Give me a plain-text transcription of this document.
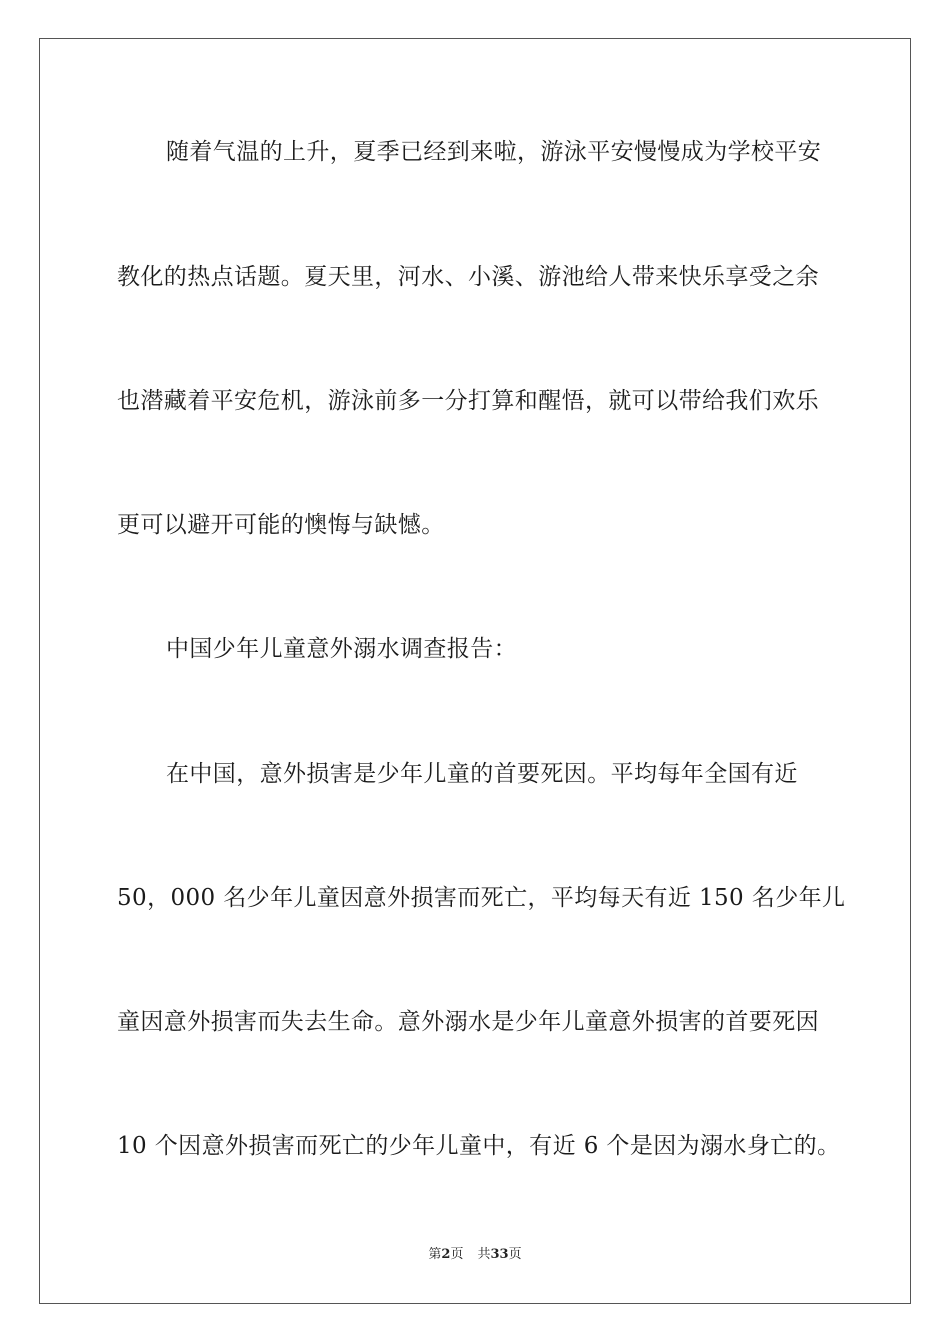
随着气温的上升，夏季已经到来啦，游泳平安慢慢成为学校平安
教化的热点话题。夏天里，河水、小溪、游池给人带来快乐享受之余
也潜藏着平安危机，游泳前多一分打算和醒悟，就可以带给我们欢乐
更可以避开可能的懊悔与缺憾。
中国少年儿童意外溺水调查报告：
在中国，意外损害是少年儿童的首要死因。平均每年全国有近
50，000 名少年儿童因意外损害而死亡，平均每天有近 150 名少年儿
童因意外损害而失去生命。意外溺水是少年儿童意外损害的首要死因
10 个因意外损害而死亡的少年儿童中，有近 6 个是因为溺水身亡的。
第2页 共33页
